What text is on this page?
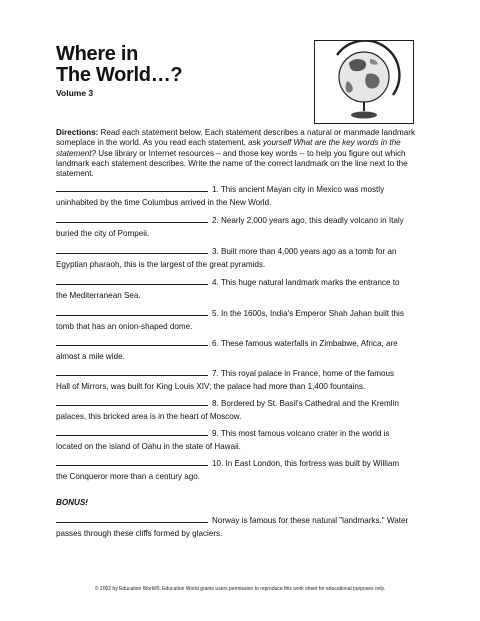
Where in
The World…?
Volume 3
Directions: Read each statement below. Each statement describes a natural or manmade landmark someplace in the world. As you read each statement, ask yourself What are the key words in the statement? Use library or Internet resources – and those key words -- to help you figure out which landmark each statement describes. Write the name of the correct landmark on the line next to the statement.
1. This ancient Mayan city in Mexico was mostly
uninhabited by the time Columbus arrived in the New World.
2. Nearly 2,000 years ago, this deadly volcano in Italy
buried the city of Pompeii.
3. Built more than 4,000 years ago as a tomb for an
Egyptian pharaoh, this is the largest of the great pyramids.
4. This huge natural landmark marks the entrance to
the Mediterranean Sea.
5. In the 1600s, India's Emperor Shah Jahan built this
tomb that has an onion-shaped dome.
6. These famous waterfalls in Zimbabwe, Africa, are
almost a mile wide.
7. This royal palace in France, home of the famous
Hall of Mirrors, was built for King Louis XIV; the palace had more than 1,400 fountains.
8. Bordered by St. Basil's Cathedral and the Kremlin
palaces, this bricked area is in the heart of Moscow.
9. This most famous volcano crater in the world is
located on the island of Oahu in the state of Hawaii.
10. In East London, this fortress was built by William
the Conqueror more than a century ago.
BONUS!
Norway is famous for these natural "landmarks." Water
passes through these cliffs formed by glaciers.
© 2002 by Education World®. Education World grants users permission to reproduce this work sheet for educational purposes only.
